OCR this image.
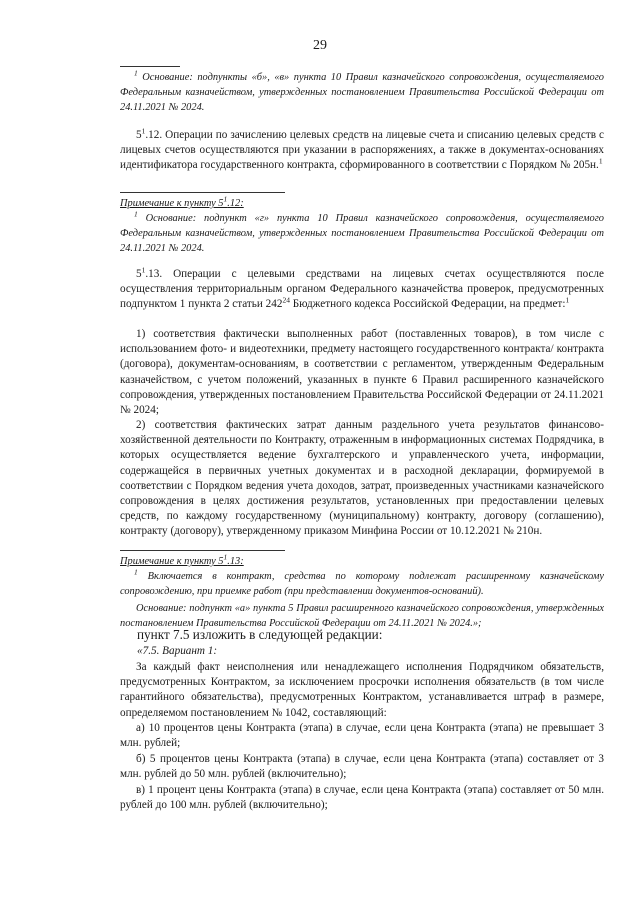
29
$^1$ Основание: подпункты «б», «в» пункта 10 Правил казначейского сопровождения, осуществляемого Федеральным казначейством, утвержденных постановлением Правительства Российской Федерации от 24.11.2021 № 2024.
$5^1.12$. Операции по зачислению целевых средств на лицевые счета и списанию целевых средств с лицевых счетов осуществляются при указании в распоряжениях, а также в документах-основаниях идентификатора государственного контракта, сформированного в соответствии с Порядком № 205н.$^1$
Примечание к пункту $5^1.12$:
$^1$ Основание: подпункт «г» пункта 10 Правил казначейского сопровождения, осуществляемого Федеральным казначейством, утвержденных постановлением Правительства Российской Федерации от 24.11.2021 № 2024.
$5^1.13$. Операции с целевыми средствами на лицевых счетах осуществляются после осуществления территориальным органом Федерального казначейства проверок, предусмотренных подпунктом 1 пункта 2 статьи $242^{24}$ Бюджетного кодекса Российской Федерации, на предмет:$^1$
1) соответствия фактически выполненных работ (поставленных товаров), в том числе с использованием фото- и видеотехники, предмету настоящего государственного контракта/ контракта (договора), документам-основаниям, в соответствии с регламентом, утвержденным Федеральным казначейством, с учетом положений, указанных в пункте 6 Правил расширенного казначейского сопровождения, утвержденных постановлением Правительства Российской Федерации от 24.11.2021 № 2024;
2) соответствия фактических затрат данным раздельного учета результатов финансово-хозяйственной деятельности по Контракту, отраженным в информационных системах Подрядчика, в которых осуществляется ведение бухгалтерского и управленческого учета, информации, содержащейся в первичных учетных документах и в расходной декларации, формируемой в соответствии с Порядком ведения учета доходов, затрат, произведенных участниками казначейского сопровождения в целях достижения результатов, установленных при предоставлении целевых средств, по каждому государственному (муниципальному) контракту, договору (соглашению), контракту (договору), утвержденному приказом Минфина России от 10.12.2021 № 210н.
Примечание к пункту $5^1.13$:
$^1$ Включается в контракт, средства по которому подлежат расширенному казначейскому сопровождению, при приемке работ (при представлении документов-оснований).
Основание: подпункт «а» пункта 5 Правил расширенного казначейского сопровождения, утвержденных постановлением Правительства Российской Федерации от 24.11.2021 № 2024.»;
пункт 7.5 изложить в следующей редакции:
«7.5. Вариант 1:
За каждый факт неисполнения или ненадлежащего исполнения Подрядчиком обязательств, предусмотренных Контрактом, за исключением просрочки исполнения обязательств (в том числе гарантийного обязательства), предусмотренных Контрактом, устанавливается штраф в размере, определяемом постановлением № 1042, составляющий:
а) 10 процентов цены Контракта (этапа) в случае, если цена Контракта (этапа) не превышает 3 млн. рублей;
б) 5 процентов цены Контракта (этапа) в случае, если цена Контракта (этапа) составляет от 3 млн. рублей до 50 млн. рублей (включительно);
в) 1 процент цены Контракта (этапа) в случае, если цена Контракта (этапа) составляет от 50 млн. рублей до 100 млн. рублей (включительно);
